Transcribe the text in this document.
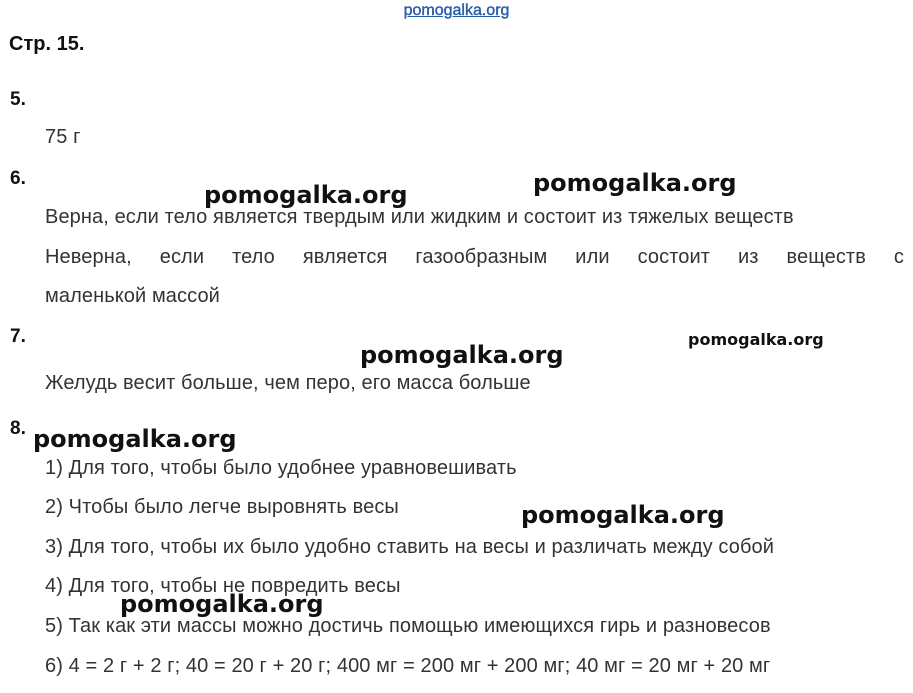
pomogalka.org
Стр. 15.
5.
75 г
6.
Верна, если тело является твердым или жидким и состоит из тяжелых веществ
Неверна, если тело является газообразным или состоит из веществ с
маленькой массой
7.
Желудь весит больше, чем перо, его масса больше
8.
1) Для того, чтобы было удобнее уравновешивать
2) Чтобы было легче выровнять весы
3) Для того, чтобы их было удобно ставить на весы и различать между собой
4) Для того, чтобы не повредить весы
5) Так как эти массы можно достичь помощью имеющихся гирь и разновесов
6) 4 = 2 г + 2 г; 40 = 20 г + 20 г; 400 мг = 200 мг + 200 мг; 40 мг = 20 мг + 20 мг
pomogalka.org	pomogalka.org
pomogalka.org
pomogalka.org
pomogalka.org
pomogalka.org
pomogalka.org
